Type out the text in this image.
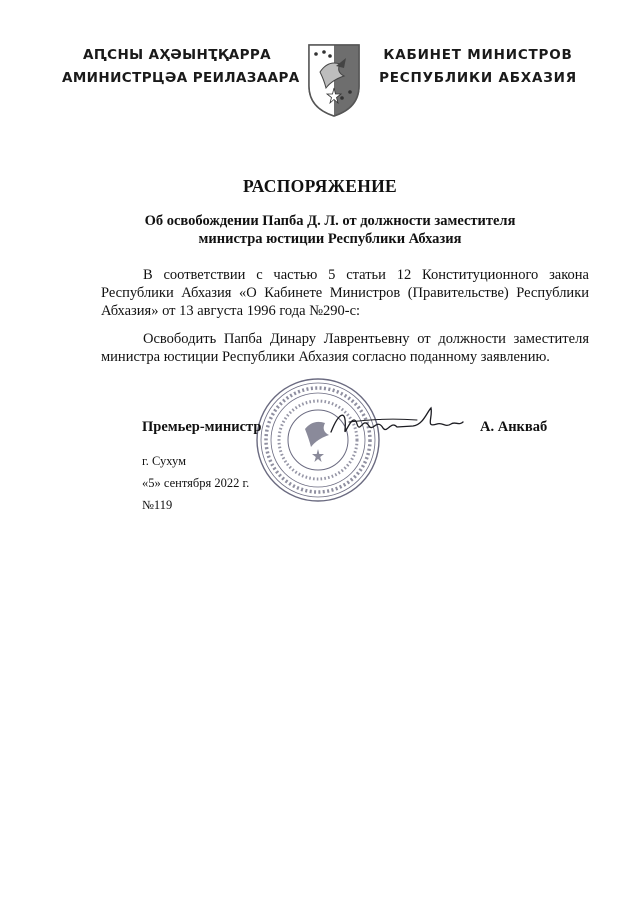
АԤСНЫ АҲӘЫНҬҚАРРА
АМИНИСТРЦӘА РЕИЛАЗААРА
КАБИНЕТ МИНИСТРОВ
РЕСПУБЛИКИ АБХАЗИЯ
РАСПОРЯЖЕНИЕ
Об освобождении Папба Д. Л. от должности заместителя
министра юстиции Республики Абхазия
В соответствии с частью 5 статьи 12 Конституционного закона Республики Абхазия «О Кабинете Министров (Правительстве) Республики Абхазия» от 13 августа 1996 года №290-с:
Освободить Папба Динару Лаврентьевну от должности заместителя министра юстиции Республики Абхазия согласно поданному заявлению.
Премьер-министр	А. Анкваб
г. Сухум
«5» сентября 2022 г.
№119
